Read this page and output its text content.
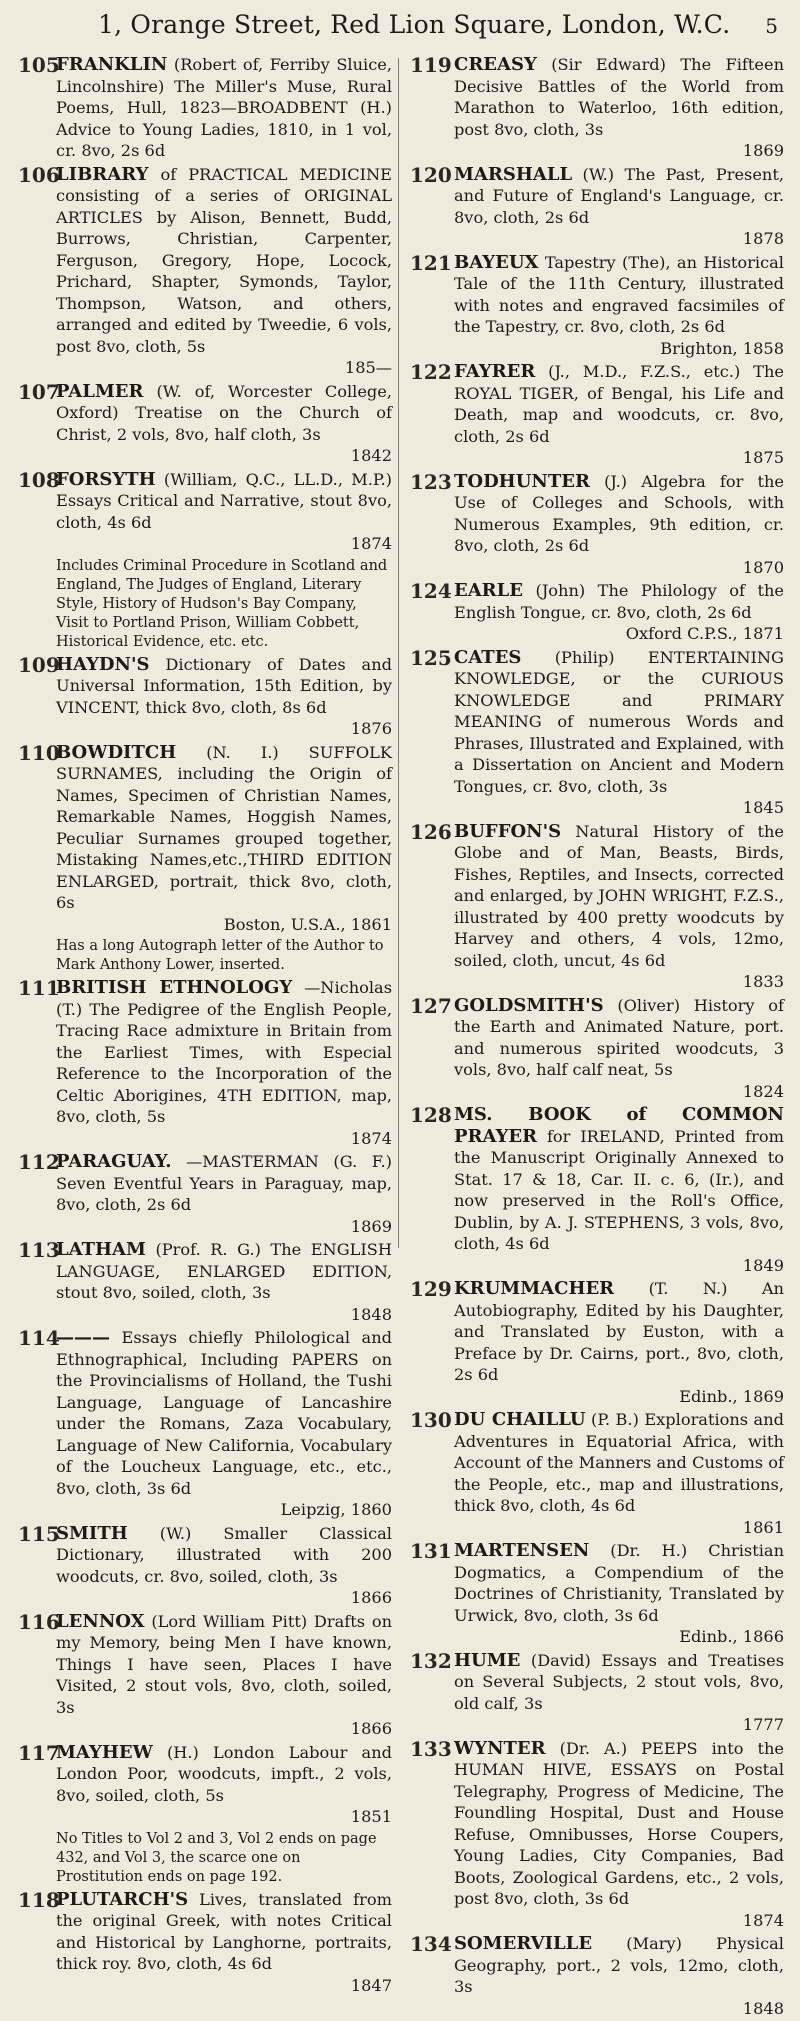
1, Orange Street, Red Lion Square, London, W.C. 5
105
FRANKLIN (Robert of, Ferriby Sluice, Lincolnshire) The Miller's Muse, Rural Poems, Hull, 1823—BROADBENT (H.) Advice to Young Ladies, 1810, in 1 vol, cr. 8vo, 2s 6d
106
LIBRARY of PRACTICAL MEDICINE consisting of a series of ORIGINAL ARTICLES by Alison, Bennett, Budd, Burrows, Christian, Carpenter, Ferguson, Gregory, Hope, Locock, Prichard, Shapter, Symonds, Taylor, Thompson, Watson, and others, arranged and edited by Tweedie, 6 vols, post 8vo, cloth, 5s
185—
107
PALMER (W. of, Worcester College, Oxford) Treatise on the Church of Christ, 2 vols, 8vo, half cloth, 3s
1842
108
FORSYTH (William, Q.C., LL.D., M.P.) Essays Critical and Narrative, stout 8vo, cloth, 4s 6d
1874
Includes Criminal Procedure in Scotland and England, The Judges of England, Literary Style, History of Hudson's Bay Company, Visit to Portland Prison, William Cobbett, Historical Evidence, etc. etc.
109
HAYDN'S Dictionary of Dates and Universal Information, 15th Edition, by VINCENT, thick 8vo, cloth, 8s 6d
1876
110
BOWDITCH (N. I.) SUFFOLK SURNAMES, including the Origin of Names, Specimen of Christian Names, Remarkable Names, Hoggish Names, Peculiar Surnames grouped together, Mistaking Names,etc.,THIRD EDITION ENLARGED, portrait, thick 8vo, cloth, 6s
Boston, U.S.A., 1861
Has a long Autograph letter of the Author to Mark Anthony Lower, inserted.
111
BRITISH ETHNOLOGY —Nicholas (T.) The Pedigree of the English People, Tracing Race admixture in Britain from the Earliest Times, with Especial Reference to the Incorporation of the Celtic Aborigines, 4TH EDITION, map, 8vo, cloth, 5s
1874
112
PARAGUAY. —MASTERMAN (G. F.) Seven Eventful Years in Paraguay, map, 8vo, cloth, 2s 6d
1869
113
LATHAM (Prof. R. G.) The ENGLISH LANGUAGE, ENLARGED EDITION, stout 8vo, soiled, cloth, 3s
1848
114
——— Essays chiefly Philological and Ethnographical, Including PAPERS on the Provincialisms of Holland, the Tushi Language, Language of Lancashire under the Romans, Zaza Vocabulary, Language of New California, Vocabulary of the Loucheux Language, etc., etc., 8vo, cloth, 3s 6d
Leipzig, 1860
115
SMITH (W.) Smaller Classical Dictionary, illustrated with 200 woodcuts, cr. 8vo, soiled, cloth, 3s
1866
116
LENNOX (Lord William Pitt) Drafts on my Memory, being Men I have known, Things I have seen, Places I have Visited, 2 stout vols, 8vo, cloth, soiled, 3s
1866
117
MAYHEW (H.) London Labour and London Poor, woodcuts, impft., 2 vols, 8vo, soiled, cloth, 5s
1851
No Titles to Vol 2 and 3, Vol 2 ends on page 432, and Vol 3, the scarce one on Prostitution ends on page 192.
118
PLUTARCH'S Lives, translated from the original Greek, with notes Critical and Historical by Langhorne, portraits, thick roy. 8vo, cloth, 4s 6d
1847
119 CREASY (Sir Edward) The Fifteen Decisive Battles of the World from Marathon to Waterloo, 16th edition, post 8vo, cloth, 3s
1869
120 MARSHALL (W.) The Past, Present, and Future of England's Language, cr. 8vo, cloth, 2s 6d
1878
121 BAYEUX Tapestry (The), an Historical Tale of the 11th Century, illustrated with notes and engraved facsimiles of the Tapestry, cr. 8vo, cloth, 2s 6d
Brighton, 1858
122 FAYRER (J., M.D., F.Z.S., etc.) The ROYAL TIGER, of Bengal, his Life and Death, map and woodcuts, cr. 8vo, cloth, 2s 6d
1875
123 TODHUNTER (J.) Algebra for the Use of Colleges and Schools, with Numerous Examples, 9th edition, cr. 8vo, cloth, 2s 6d
1870
124 EARLE (John) The Philology of the English Tongue, cr. 8vo, cloth, 2s 6d
Oxford C.P.S., 1871
125 CATES (Philip) ENTERTAINING KNOWLEDGE, or the CURIOUS KNOWLEDGE and PRIMARY MEANING of numerous Words and Phrases, Illustrated and Explained, with a Dissertation on Ancient and Modern Tongues, cr. 8vo, cloth, 3s
1845
126 BUFFON'S Natural History of the Globe and of Man, Beasts, Birds, Fishes, Reptiles, and Insects, corrected and enlarged, by JOHN WRIGHT, F.Z.S., illustrated by 400 pretty woodcuts by Harvey and others, 4 vols, 12mo, soiled, cloth, uncut, 4s 6d
1833
127 GOLDSMITH'S (Oliver) History of the Earth and Animated Nature, port. and numerous spirited woodcuts, 3 vols, 8vo, half calf neat, 5s
1824
128 MS. BOOK of COMMON PRAYER for IRELAND, Printed from the Manuscript Originally Annexed to Stat. 17 & 18, Car. II. c. 6, (Ir.), and now preserved in the Roll's Office, Dublin, by A. J. STEPHENS, 3 vols, 8vo, cloth, 4s 6d
1849
129 KRUMMACHER (T. N.) An Autobiography, Edited by his Daughter, and Translated by Euston, with a Preface by Dr. Cairns, port., 8vo, cloth, 2s 6d
Edinb., 1869
130 DU CHAILLU (P. B.) Explorations and Adventures in Equatorial Africa, with Account of the Manners and Customs of the People, etc., map and illustrations, thick 8vo, cloth, 4s 6d
1861
131 MARTENSEN (Dr. H.) Christian Dogmatics, a Compendium of the Doctrines of Christianity, Translated by Urwick, 8vo, cloth, 3s 6d
Edinb., 1866
132 HUME (David) Essays and Treatises on Several Subjects, 2 stout vols, 8vo, old calf, 3s
1777
133 WYNTER (Dr. A.) PEEPS into the HUMAN HIVE, ESSAYS on Postal Telegraphy, Progress of Medicine, The Foundling Hospital, Dust and House Refuse, Omnibusses, Horse Coupers, Young Ladies, City Companies, Bad Boots, Zoological Gardens, etc., 2 vols, post 8vo, cloth, 3s 6d
1874
134 SOMERVILLE (Mary) Physical Geography, port., 2 vols, 12mo, cloth, 3s
1848
